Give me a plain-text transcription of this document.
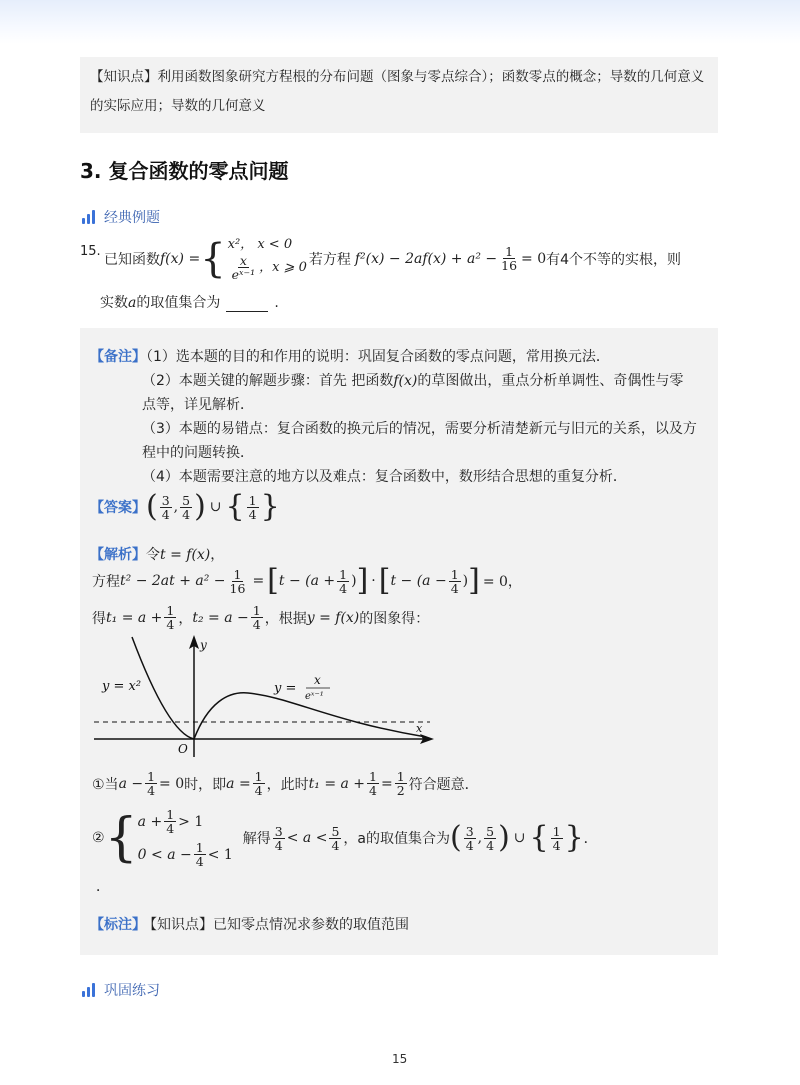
【知识点】利用函数图象研究方程根的分布问题（图象与零点综合）；函数零点的概念；导数的几何意义的实际应用；导数的几何意义
3. 复合函数的零点问题
经典例题
15. 已知函数 f(x) = { x²， x < 0
$\frac{x}{\text{eˣ⁻¹}}$ ，x ⩾ 0 若方程 $f^2(x) - 2af(x) + a^2 - \frac{1}{16} = 0$ 有4个不等的实根，则
实数a的取值集合为	.
【备注】（1）选本题的目的和作用的说明：巩固复合函数的零点问题，常用换元法．
（2）本题关键的解题步骤：首先 把函数f(x)的草图做出，重点分析单调性、奇偶性与零
点等，详见解析．
（3）本题的易错点：复合函数的换元后的情况，需要分析清楚新元与旧元的关系，以及方
程中的问题转换．
（4）本题需要注意的地方以及难点：复合函数中，数形结合思想的重复分析．
【答案】 ( $\frac{3}{4}$ , $\frac{5}{4}$ ) ∪ { $\frac{1}{4}$ }
【解析】令t = f(x)，
方程 $t^2 - 2at + a^2 - \frac{1}{16}$ = [ $t - (a + \frac{1}{4}$ ) ] · [ $t - (a - \frac{1}{4}$ ) ] = 0，
得 $t_1 = a + \frac{1}{4}$ ， $t_2 = a - \frac{1}{4}$ ，根据 y = f(x) 的图象得：
y = x²	y =
x
eˣ⁻¹
y
x
O
①当 $a - \frac{1}{4} = 0$ 时，即 $a = \frac{1}{4}$ ，此时 $t_1 = a + \frac{1}{4} = \frac{1}{2}$ 符合题意．
② { $a + \frac{1}{4} > 1$
$0 < a - \frac{1}{4} < 1$
解得 $\frac{3}{4} < a < \frac{5}{4}$ ，a的取值集合为 ( $\frac{3}{4}$ , $\frac{5}{4}$ ) ∪ { $\frac{1}{4}$ } ．
．
【标注】 【知识点】已知零点情况求参数的取值范围
巩固练习
15
